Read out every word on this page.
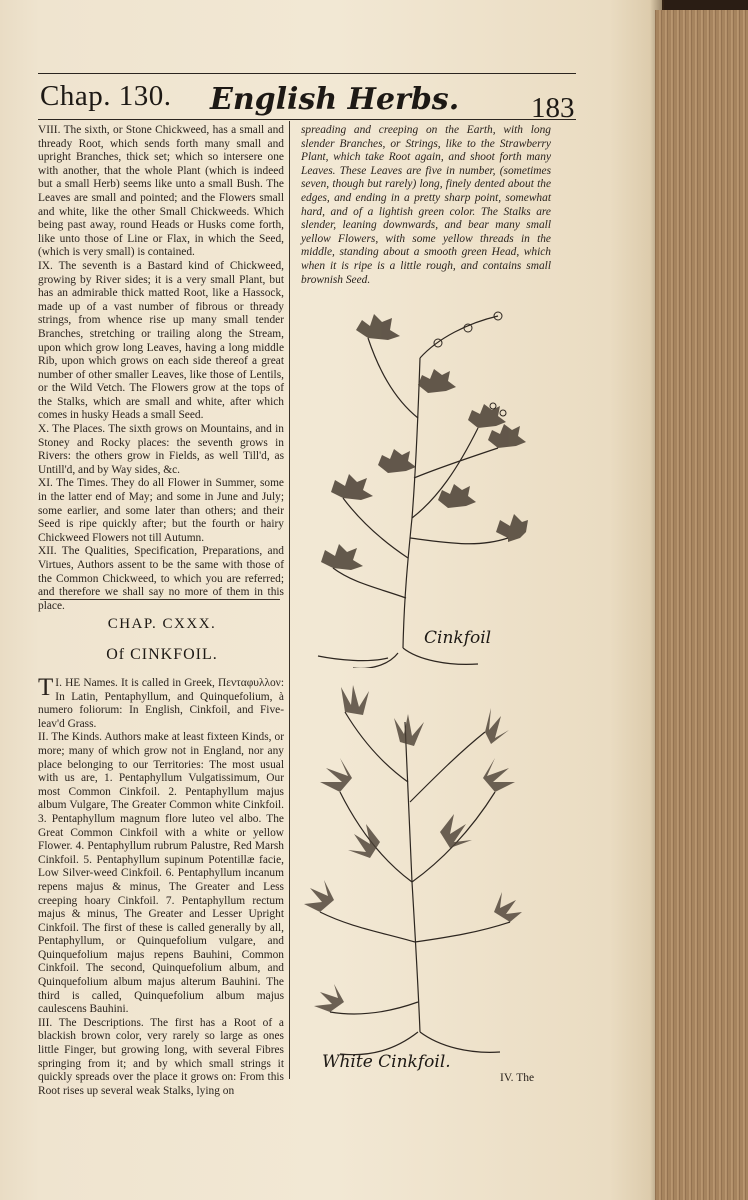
Chap. 130. English Herbs. 183

VIII. The sixth, or Stone Chickweed, has a small and thready Root, which sends forth many small and upright Branches, thick set; which so intersere one with another, that the whole Plant (which is indeed but a small Herb) seems like unto a small Bush. The Leaves are small and pointed; and the Flowers small and white, like the other Small Chickweeds. Which being past away, round Heads or Husks come forth, like unto those of Line or Flax, in which the Seed, (which is very small) is contained.

IX. The seventh is a Bastard kind of Chickweed, growing by River sides; it is a very small Plant, but has an admirable thick matted Root, like a Hassock, made up of a vast number of fibrous or thready strings, from whence rise up many small tender Branches, stretching or trailing along the Stream, upon which grow long Leaves, having a long middle Rib, upon which grows on each side thereof a great number of other smaller Leaves, like those of Lentils, or the Wild Vetch. The Flowers grow at the tops of the Stalks, which are small and white, after which comes in husky Heads a small Seed.

X. The Places. The sixth grows on Mountains, and in Stoney and Rocky places: the seventh grows in Rivers: the others grow in Fields, as well Till'd, as Untill'd, and by Way sides, &c.

XI. The Times. They do all Flower in Summer, some in the latter end of May; and some in June and July; some earlier, and some later than others; and their Seed is ripe quickly after; but the fourth or hairy Chickweed Flowers not till Autumn.

XII. The Qualities, Specification, Preparations, and Virtues, Authors assent to be the same with those of the Common Chickweed, to which you are referred; and therefore we shall say no more of them in this place.

CHAP. CXXX.
Of CINKFOIL.

T I. HE Names. It is called in Greek, Πενταφυλλον: In Latin, Pentaphyllum, and Quinquefolium, à numero foliorum: In English, Cinkfoil, and Five-leav'd Grass.

II. The Kinds. Authors make at least fixteen Kinds, or more; many of which grow not in England, nor any place belonging to our Territories: The most usual with us are, 1. Pentaphyllum Vulgatissimum, Our most Common Cinkfoil. 2. Pentaphyllum majus album Vulgare, The Greater Common white Cinkfoil. 3. Pentaphyllum magnum flore luteo vel albo. The Great Common Cinkfoil with a white or yellow Flower. 4. Pentaphyllum rubrum Palustre, Red Marsh Cinkfoil. 5. Pentaphyllum supinum Potentillæ facie, Low Silver-weed Cinkfoil. 6. Pentaphyllum incanum repens majus & minus, The Greater and Less creeping hoary Cinkfoil. 7. Pentaphyllum rectum majus & minus, The Greater and Lesser Upright Cinkfoil. The first of these is called generally by all, Pentaphyllum, or Quinquefolium vulgare, and Quinquefolium majus repens Bauhini, Common Cinkfoil. The second, Quinquefolium album, and Quinquefolium album majus alterum Bauhini. The third is called, Quinquefolium album majus caulescens Bauhini.

III. The Descriptions. The first has a Root of a blackish brown color, very rarely so large as ones little Finger, but growing long, with several Fibres springing from it; and by which small strings it quickly spreads over the place it grows on: From this Root rises up several weak Stalks, lying on

spreading and creeping on the Earth, with long slender Branches, or Strings, like to the Strawberry Plant, which take Root again, and shoot forth many Leaves. These Leaves are five in number, (sometimes seven, though but rarely) long, finely dented about the edges, and ending in a pretty sharp point, somewhat hard, and of a lightish green color. The Stalks are slender, leaning downwards, and bear many small yellow Flowers, with some yellow threads in the middle, standing about a smooth green Head, which when it is ripe is a little rough, and contains small brownish Seed.

Cinkfoil
White Cinkfoil.
IV. The
